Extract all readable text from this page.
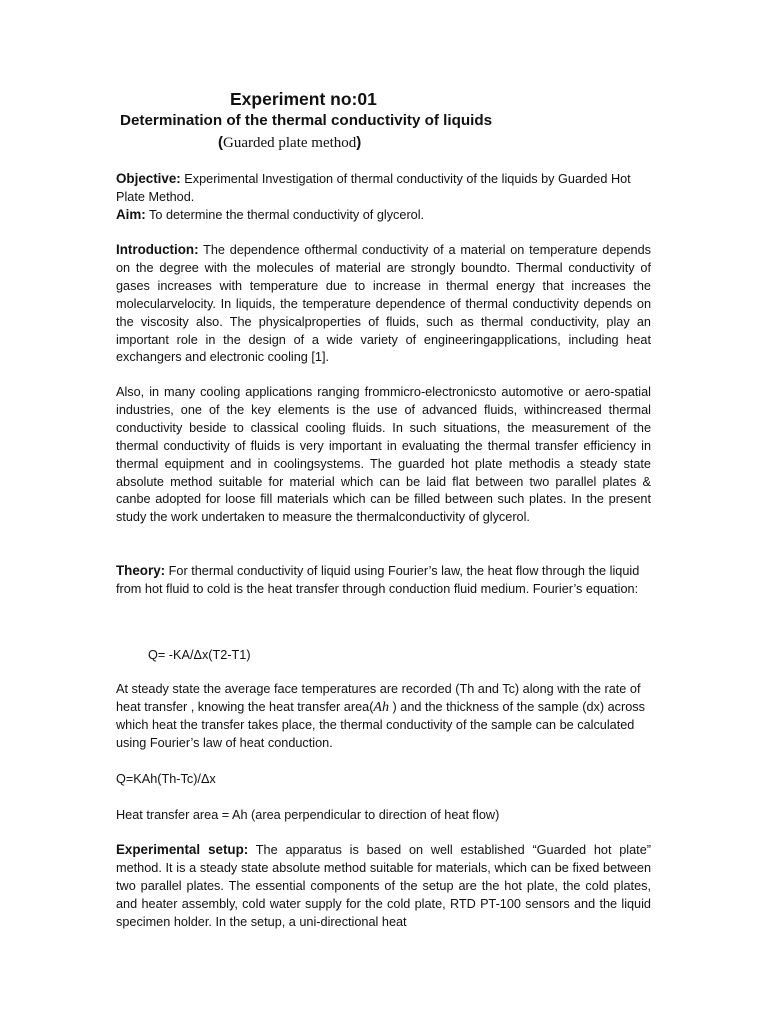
Experiment no:01

Determination of the thermal conductivity of liquids

(Guarded plate method)

Objective: Experimental Investigation of thermal conductivity of the liquids by Guarded Hot Plate Method.

Aim: To determine the thermal conductivity of glycerol.

Introduction: The dependence ofthermal conductivity of a material on temperature depends on the degree with the molecules of material are strongly boundto. Thermal conductivity of gases increases with temperature due to increase in thermal energy that increases the molecularvelocity. In liquids, the temperature dependence of thermal conductivity depends on the viscosity also. The physicalproperties of fluids, such as thermal conductivity, play an important role in the design of a wide variety of engineeringapplications, including heat exchangers and electronic cooling [1].

Also, in many cooling applications ranging frommicro-electronicsto automotive or aero-spatial industries, one of the key elements is the use of advanced fluids, withincreased thermal conductivity beside to classical cooling fluids. In such situations, the measurement of the thermal conductivity of fluids is very important in evaluating the thermal transfer efficiency in thermal equipment and in coolingsystems. The guarded hot plate methodis a steady state absolute method suitable for material which can be laid flat between two parallel plates & canbe adopted for loose fill materials which can be filled between such plates. In the present study the work undertaken to measure the thermalconductivity of glycerol.

Theory: For thermal conductivity of liquid using Fourier’s law, the heat flow through the liquid from hot fluid to cold is the heat transfer through conduction fluid medium. Fourier’s equation:

Q= -KA/Δx(T2-T1)

At steady state the average face temperatures are recorded (Th and Tc) along with the rate of heat transfer , knowing the heat transfer area(Ah ) and the thickness of the sample (dx) across which heat the transfer takes place, the thermal conductivity of the sample can be calculated using Fourier’s law of heat conduction.

Q=KAh(Th-Tc)/Δx

Heat transfer area = Ah (area perpendicular to direction of heat flow)

Experimental setup: The apparatus is based on well established “Guarded hot plate” method. It is a steady state absolute method suitable for materials, which can be fixed between two parallel plates. The essential components of the setup are the hot plate, the cold plates, and heater assembly, cold water supply for the cold plate, RTD PT-100 sensors and the liquid specimen holder. In the setup, a uni-directional heat
